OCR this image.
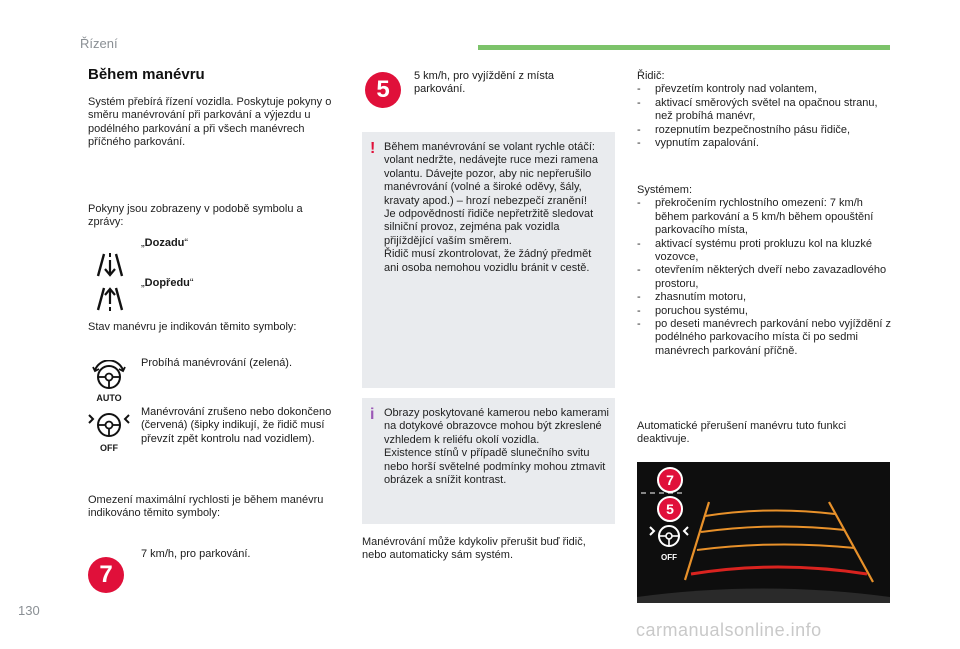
Řízení
Během manévru
Systém přebírá řízení vozidla. Poskytuje pokyny o směru manévrování při parkování a výjezdu u podélného parkování a při všech manévrech příčného parkování.
Pokyny jsou zobrazeny v podobě symbolu a zprávy:
„Dozadu“
„Dopředu“
Stav manévru je indikován těmito symboly:
AUTO
Probíhá manévrování (zelená).
OFF
Manévrování zrušeno nebo dokončeno (červená) (šipky indikují, že řidič musí převzít zpět kontrolu nad vozidlem).
Omezení maximální rychlosti je během manévru indikováno těmito symboly:
7
7 km/h, pro parkování.
5	5 km/h, pro vyjíždění z místa parkování.
! Během manévrování se volant rychle otáčí: volant nedržte, nedávejte ruce mezi ramena volantu. Dávejte pozor, aby nic nepřerušilo manévrování (volné a široké oděvy, šály, kravaty apod.) – hrozí nebezpečí zranění!
Je odpovědností řidiče nepřetržitě sledovat silniční provoz, zejména pak vozidla přijíždějící vaším směrem.
Řidič musí zkontrolovat, že žádný předmět ani osoba nemohou vozidlu bránit v cestě.
i Obrazy poskytované kamerou nebo kamerami na dotykové obrazovce mohou být zkreslené vzhledem k reliéfu okolí vozidla.
Existence stínů v případě slunečního svitu nebo horší světelné podmínky mohou ztmavit obrázek a snížit kontrast.
Manévrování může kdykoliv přerušit buď řidič, nebo automaticky sám systém.
Řidič:
- převzetím kontroly nad volantem,
- aktivací směrových světel na opačnou stranu, než probíhá manévr,
- rozepnutím bezpečnostního pásu řidiče,
- vypnutím zapalování.
Systémem:
- překročením rychlostního omezení: 7 km/h během parkování a 5 km/h během opouštění parkovacího místa,
- aktivací systému proti prokluzu kol na kluzké vozovce,
- otevřením některých dveří nebo zavazadlového prostoru,
- zhasnutím motoru,
- poruchou systému,
- po deseti manévrech parkování nebo vyjíždění z podélného parkovacího místa či po sedmi manévrech parkování příčně.
Automatické přerušení manévru tuto funkci deaktivuje.
7
5
OFF
130
carmanualsonline.info
